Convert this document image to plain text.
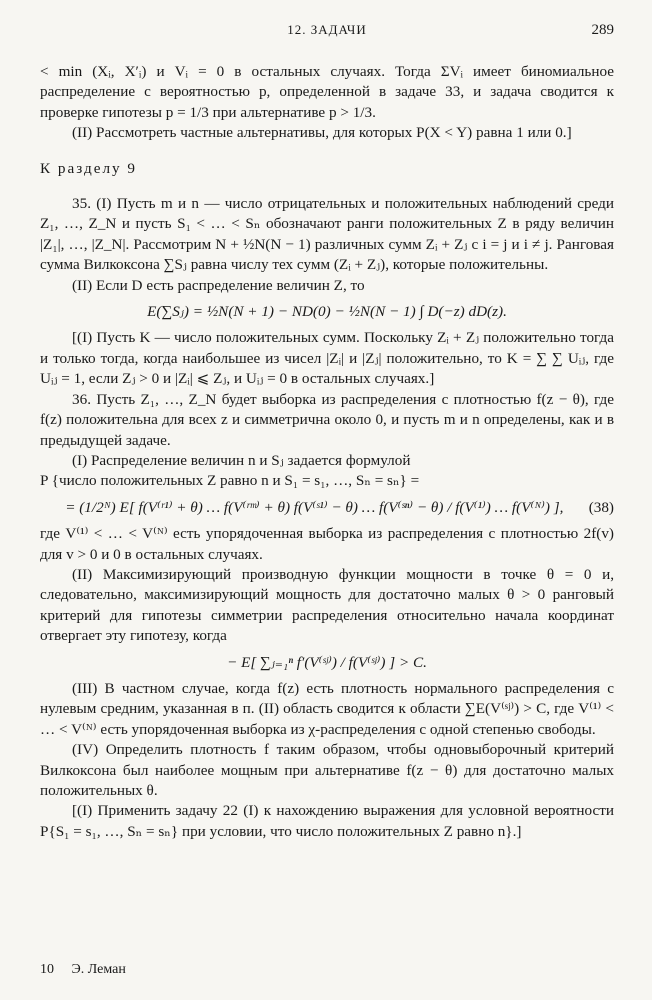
12. ЗАДАЧИ	289

< min (Xᵢ, X′ᵢ) и Vᵢ = 0 в остальных случаях. Тогда ΣVᵢ имеет биномиальное распределение с вероятностью p, определенной в задаче 33, и задача сводится к проверке гипотезы p = 1/3 при альтернативе p > 1/3.

(II) Рассмотреть частные альтернативы, для которых P(X < Y) равна 1 или 0.]

К разделу 9

35. (I) Пусть m и n — число отрицательных и положительных наблюдений среди Z₁, …, Z_N и пусть S₁ < … < Sₙ обозначают ранги положительных Z в ряду величин |Z₁|, …, |Z_N|. Рассмотрим N + ½N(N − 1) различных сумм Zᵢ + Zⱼ с i = j и i ≠ j. Ранговая сумма Вилкоксона ∑Sⱼ равна числу тех сумм (Zᵢ + Zⱼ), которые положительны.

(II) Если D есть распределение величин Z, то

E(∑Sⱼ) = ½N(N + 1) − ND(0) − ½N(N − 1) ∫ D(−z) dD(z).

[(I) Пусть K — число положительных сумм. Поскольку Zᵢ + Zⱼ положительно тогда и только тогда, когда наибольшее из чисел |Zᵢ| и |Zⱼ| положительно, то K = ∑ ∑ Uᵢⱼ, где Uᵢⱼ = 1, если Zⱼ > 0 и |Zᵢ| ⩽ Zⱼ, и Uᵢⱼ = 0 в остальных случаях.]

36. Пусть Z₁, …, Z_N будет выборка из распределения с плотностью f(z − θ), где f(z) положительна для всех z и симметрична около 0, и пусть m и n определены, как и в предыдущей задаче.

(I) Распределение величин n и Sⱼ задается формулой

P {число положительных Z равно n и S₁ = s₁, …, Sₙ = sₙ} =

(38)
= (1/2ᴺ) E[ f(V⁽ʳ¹⁾ + θ) … f(V⁽ʳᵐ⁾ + θ) f(V⁽ˢ¹⁾ − θ) … f(V⁽ˢⁿ⁾ − θ) / f(V⁽¹⁾) … f(V⁽ᴺ⁾) ],

где V⁽¹⁾ < … < V⁽ᴺ⁾ есть упорядоченная выборка из распределения с плотностью 2f(v) для v > 0 и 0 в остальных случаях.

(II) Максимизирующий производную функции мощности в точке θ = 0 и, следовательно, максимизирующий мощность для достаточно малых θ > 0 ранговый критерий для гипотезы симметрии распределения относительно начала координат отвергает эту гипотезу, когда

− E[ ∑ⱼ₌₁ⁿ f′(V⁽ˢʲ⁾) / f(V⁽ˢʲ⁾) ] > C.

(III) В частном случае, когда f(z) есть плотность нормального распределения с нулевым средним, указанная в п. (II) область сводится к области ∑E(V⁽ˢʲ⁾) > C, где V⁽¹⁾ < … < V⁽ᴺ⁾ есть упорядоченная выборка из χ-распределения с одной степенью свободы.

(IV) Определить плотность f таким образом, чтобы одновыборочный критерий Вилкоксона был наиболее мощным при альтернативе f(z − θ) для достаточно малых положительных θ.

[(I) Применить задачу 22 (I) к нахождению выражения для условной вероятности P{S₁ = s₁, …, Sₙ = sₙ} при условии, что число положительных Z равно n}.]

10 Э. Леман
